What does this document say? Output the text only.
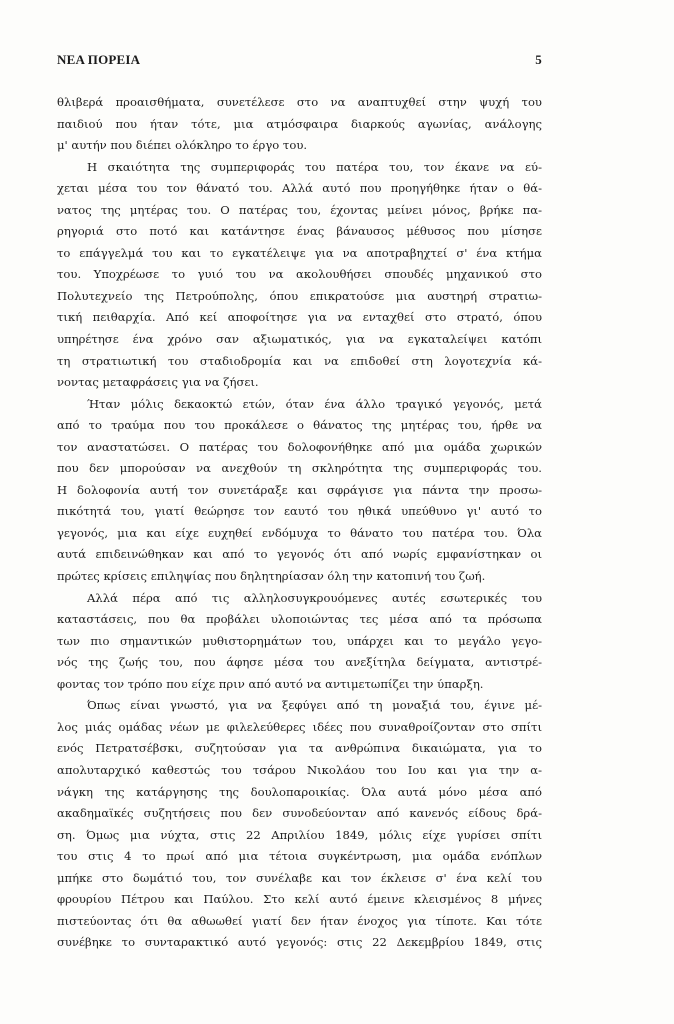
ΝΕΑ ΠΟΡΕΙΑ	5
θλιβερά προαισθήματα, συνετέλεσε στο να αναπτυχθεί στην ψυχή του
παιδιού που ήταν τότε, μια ατμόσφαιρα διαρκούς αγωνίας, ανάλογης
μ' αυτήν που διέπει ολόκληρο το έργο του.
Η σκαιότητα της συμπεριφοράς του πατέρα του, τον έκανε να εύ-
χεται μέσα του τον θάνατό του. Αλλά αυτό που προηγήθηκε ήταν ο θά-
νατος της μητέρας του. Ο πατέρας του, έχοντας μείνει μόνος, βρήκε πα-
ρηγοριά στο ποτό και κατάντησε ένας βάναυσος μέθυσος που μίσησε
το επάγγελμά του και το εγκατέλειψε για να αποτραβηχτεί σ' ένα κτήμα
του. Υποχρέωσε το γυιό του να ακολουθήσει σπουδές μηχανικού στο
Πολυτεχνείο της Πετρούπολης, όπου επικρατούσε μια αυστηρή στρατιω-
τική πειθαρχία. Από κεί αποφοίτησε για να ενταχθεί στο στρατό, όπου
υπηρέτησε ένα χρόνο σαν αξιωματικός, για να εγκαταλείψει κατόπι
τη στρατιωτική του σταδιοδρομία και να επιδοθεί στη λογοτεχνία κά-
νοντας μεταφράσεις για να ζήσει.
Ήταν μόλις δεκαοκτώ ετών, όταν ένα άλλο τραγικό γεγονός, μετά
από το τραύμα που του προκάλεσε ο θάνατος της μητέρας του, ήρθε να
τον αναστατώσει. Ο πατέρας του δολοφονήθηκε από μια ομάδα χωρικών
που δεν μπορούσαν να ανεχθούν τη σκληρότητα της συμπεριφοράς του.
Η δολοφονία αυτή τον συνετάραξε και σφράγισε για πάντα την προσω-
πικότητά του, γιατί θεώρησε τον εαυτό του ηθικά υπεύθυνο γι' αυτό το
γεγονός, μια και είχε ευχηθεί ενδόμυχα το θάνατο του πατέρα του. Όλα
αυτά επιδεινώθηκαν και από το γεγονός ότι από νωρίς εμφανίστηκαν οι
πρώτες κρίσεις επιληψίας που δηλητηρίασαν όλη την κατοπινή του ζωή.
Αλλά πέρα από τις αλληλοσυγκρουόμενες αυτές εσωτερικές του
καταστάσεις, που θα προβάλει υλοποιώντας τες μέσα από τα πρόσωπα
των πιο σημαντικών μυθιστορημάτων του, υπάρχει και το μεγάλο γεγο-
νός της ζωής του, που άφησε μέσα του ανεξίτηλα δείγματα, αντιστρέ-
φοντας τον τρόπο που είχε πριν από αυτό να αντιμετωπίζει την ύπαρξη.
Όπως είναι γνωστό, για να ξεφύγει από τη μοναξιά του, έγινε μέ-
λος μιάς ομάδας νέων με φιλελεύθερες ιδέες που συναθροίζονταν στο σπίτι
ενός Πετρατσέβσκι, συζητούσαν για τα ανθρώπινα δικαιώματα, για το
απολυταρχικό καθεστώς του τσάρου Νικολάου του Ιου και για την α-
νάγκη της κατάργησης της δουλοπαροικίας. Όλα αυτά μόνο μέσα από
ακαδημαϊκές συζητήσεις που δεν συνοδεύονταν από κανενός είδους δρά-
ση. Όμως μια νύχτα, στις 22 Απριλίου 1849, μόλις είχε γυρίσει σπίτι
του στις 4 το πρωί από μια τέτοια συγκέντρωση, μια ομάδα ενόπλων
μπήκε στο δωμάτιό του, τον συνέλαβε και τον έκλεισε σ' ένα κελί του
φρουρίου Πέτρου και Παύλου. Στο κελί αυτό έμεινε κλεισμένος 8 μήνες
πιστεύοντας ότι θα αθωωθεί γιατί δεν ήταν ένοχος για τίποτε. Και τότε
συνέβηκε το συνταρακτικό αυτό γεγονός: στις 22 Δεκεμβρίου 1849, στις
